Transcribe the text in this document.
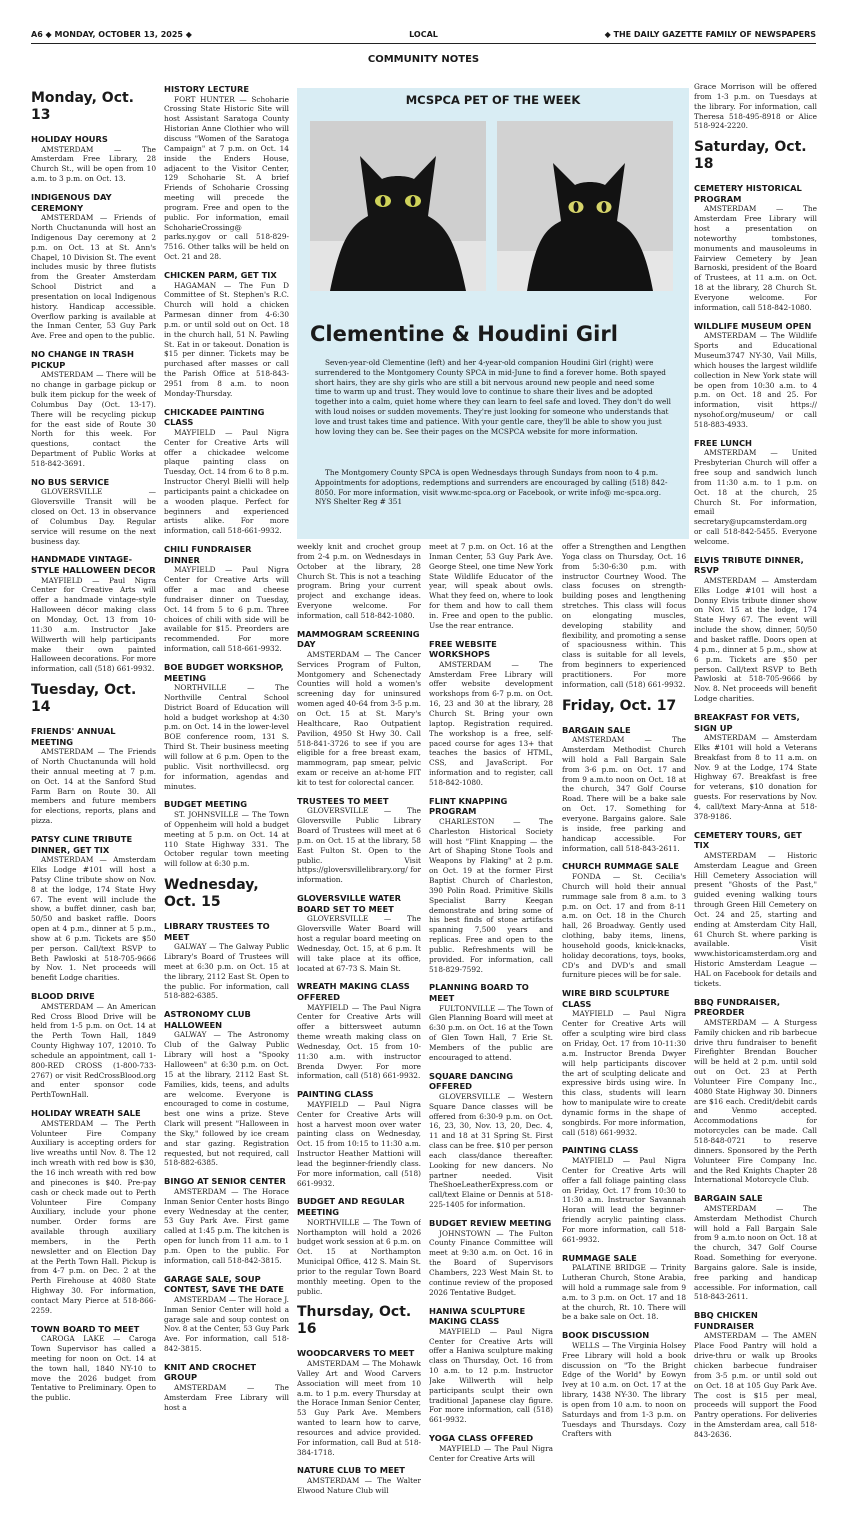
A6 ◆ MONDAY, OCTOBER 13, 2025 ◆	LOCAL	◆ THE DAILY GAZETTE FAMILY OF NEWSPAPERS
COMMUNITY NOTES
Monday, Oct. 13
HOLIDAY HOURS
AMSTERDAM — The Amsterdam Free Library, 28 Church St., will be open from 10 a.m. to 3 p.m. on Oct. 13.
INDIGENOUS DAY CEREMONY
AMSTERDAM — Friends of North Chuctanunda will host an Indigenous Day ceremony at 2 p.m. on Oct. 13 at St. Ann's Chapel, 10 Division St. The event includes music by three flutists from the Greater Amsterdam School District and a presentation on local Indigenous history. Handicap accessible. Overflow parking is available at the Inman Center, 53 Guy Park Ave. Free and open to the public.
NO CHANGE IN TRASH PICKUP
AMSTERDAM — There will be no change in garbage pickup or bulk item pickup for the week of Columbus Day (Oct. 13-17). There will be recycling pickup for the east side of Route 30 North for this week. For questions, contact the Department of Public Works at 518-842-3691.
NO BUS SERVICE
GLOVERSVILLE — Gloversville Transit will be closed on Oct. 13 in observance of Columbus Day. Regular service will resume on the next business day.
HANDMADE VINTAGE-STYLE HALLOWEEN DECOR
MAYFIELD — Paul Nigra Center for Creative Arts will offer a handmade vintage-style Halloween décor making class on Monday, Oct. 13 from 10-11:30 a.m. Instructor Jake Willwerth will help participants make their own painted Halloween decorations. For more information, call (518) 661-9932.
Tuesday, Oct. 14
FRIENDS' ANNUAL MEETING
AMSTERDAM — The Friends of North Chuctanunda will hold their annual meeting at 7 p.m. on Oct. 14 at the Sanford Stud Farm Barn on Route 30. All members and future members for elections, reports, plans and pizza.
PATSY CLINE TRIBUTE DINNER, GET TIX
AMSTERDAM — Amsterdam Elks Lodge #101 will host a Patsy Cline tribute show on Nov. 8 at the lodge, 174 State Hwy 67. The event will include the show, a buffet dinner, cash bar, 50/50 and basket raffle. Doors open at 4 p.m., dinner at 5 p.m., show at 6 p.m. Tickets are $50 per person. Call/text RSVP to Beth Pawloski at 518-705-9666 by Nov. 1. Net proceeds will benefit Lodge charities.
BLOOD DRIVE
AMSTERDAM — An American Red Cross Blood Drive will be held from 1-5 p.m. on Oct. 14 at the Perth Town Hall, 1849 County Highway 107, 12010. To schedule an appointment, call 1-800-RED CROSS (1-800-733-2767) or visit RedCrossBlood.org and enter sponsor code PerthTownHall.
HOLIDAY WREATH SALE
AMSTERDAM — The Perth Volunteer Fire Company Auxiliary is accepting orders for live wreaths until Nov. 8. The 12 inch wreath with red bow is $30, the 16 inch wreath with red bow and pinecones is $40. Pre-pay cash or check made out to Perth Volunteer Fire Company Auxiliary, include your phone number. Order forms are available through auxiliary members, in the Perth newsletter and on Election Day at the Perth Town Hall. Pickup is from 4-7 p.m. on Dec. 2 at the Perth Firehouse at 4080 State Highway 30. For information, contact Mary Pierce at 518-866-2259.
TOWN BOARD TO MEET
CAROGA LAKE — Caroga Town Supervisor has called a meeting for noon on Oct. 14 at the town hall, 1840 NY-10 to move the 2026 budget from Tentative to Preliminary. Open to the public.
HISTORY LECTURE
FORT HUNTER — Schoharie Crossing State Historic Site will host Assistant Saratoga County Historian Anne Clothier who will discuss "Women of the Saratoga Campaign" at 7 p.m. on Oct. 14 inside the Enders House, adjacent to the Visitor Center, 129 Schoharie St. A brief Friends of Schoharie Crossing meeting will precede the program. Free and open to the public. For information, email SchoharieCrossing@ parks.ny.gov or call 518-829-7516. Other talks will be held on Oct. 21 and 28.
CHICKEN PARM, GET TIX
HAGAMAN — The Fun D Committee of St. Stephen's R.C. Church will hold a chicken Parmesan dinner from 4-6:30 p.m. or until sold out on Oct. 18 in the church hall, 51 N. Pawling St. Eat in or takeout. Donation is $15 per dinner. Tickets may be purchased after masses or call the Parish Office at 518-843-2951 from 8 a.m. to noon Monday-Thursday.
CHICKADEE PAINTING CLASS
MAYFIELD — Paul Nigra Center for Creative Arts will offer a chickadee welcome plaque painting class on Tuesday, Oct. 14 from 6 to 8 p.m. Instructor Cheryl Bielli will help participants paint a chickadee on a wooden plaque. Perfect for beginners and experienced artists alike. For more information, call 518-661-9932.
CHILI FUNDRAISER DINNER
MAYFIELD — Paul Nigra Center for Creative Arts will offer a mac and cheese fundraiser dinner on Tuesday, Oct. 14 from 5 to 6 p.m. Three choices of chili with side will be available for $15. Preorders are recommended. For more information, call 518-661-9932.
BOE BUDGET WORKSHOP, MEETING
NORTHVILLE — The Northville Central School District Board of Education will hold a budget workshop at 4:30 p.m. on Oct. 14 in the lower-level BOE conference room, 131 S. Third St. Their business meeting will follow at 6 p.m. Open to the public. Visit northvillecsd. org for information, agendas and minutes.
BUDGET MEETING
ST. JOHNSVILLE — The Town of Oppenheim will hold a budget meeting at 5 p.m. on Oct. 14 at 110 State Highway 331. The October regular town meeting will follow at 6:30 p.m.
Wednesday, Oct. 15
LIBRARY TRUSTEES TO MEET
GALWAY — The Galway Public Library's Board of Trustees will meet at 6:30 p.m. on Oct. 15 at the library, 2112 East St. Open to the public. For information, call 518-882-6385.
ASTRONOMY CLUB HALLOWEEN
GALWAY — The Astronomy Club of the Galway Public Library will host a "Spooky Halloween" at 6:30 p.m. on Oct. 15 at the library, 2112 East St. Families, kids, teens, and adults are welcome. Everyone is encouraged to come in costume, best one wins a prize. Steve Clark will present "Halloween in the Sky," followed by ice cream and star gazing. Registration requested, but not required, call 518-882-6385.
BINGO AT SENIOR CENTER
AMSTERDAM — The Horace Inman Senior Center hosts Bingo every Wednesday at the center, 53 Guy Park Ave. First game called at 1:45 p.m. The kitchen is open for lunch from 11 a.m. to 1 p.m. Open to the public. For information, call 518-842-3815.
GARAGE SALE, SOUP CONTEST, SAVE THE DATE
AMSTERDAM — The Horace J. Inman Senior Center will hold a garage sale and soup contest on Nov. 8 at the Center, 53 Guy Park Ave. For information, call 518-842-3815.
KNIT AND CROCHET GROUP
AMSTERDAM — The Amsterdam Free Library will host a
weekly knit and crochet group from 2-4 p.m. on Wednesdays in October at the library, 28 Church St. This is not a teaching program. Bring your current project and exchange ideas. Everyone welcome. For information, call 518-842-1080.
MAMMOGRAM SCREENING DAY
AMSTERDAM — The Cancer Services Program of Fulton, Montgomery and Schenectady Counties will hold a women's screening day for uninsured women aged 40-64 from 3-5 p.m. on Oct. 15 at St. Mary's Healthcare, Rao Outpatient Pavilion, 4950 St Hwy 30. Call 518-841-3726 to see if you are eligible for a free breast exam, mammogram, pap smear, pelvic exam or receive an at-home FIT kit to test for colorectal cancer.
TRUSTEES TO MEET
GLOVERSVILLE — The Gloversville Public Library Board of Trustees will meet at 6 p.m. on Oct. 15 at the library, 58 East Fulton St. Open to the public. Visit https://gloversvillelibrary.org/ for information.
GLOVERSVILLE WATER BOARD SET TO MEET
GLOVERSVILLE — The Gloversville Water Board will host a regular board meeting on Wednesday, Oct. 15, at 6 p.m. It will take place at its office, located at 67-73 S. Main St.
WREATH MAKING CLASS OFFERED
MAYFIELD — The Paul Nigra Center for Creative Arts will offer a bittersweet autumn theme wreath making class on Wednesday, Oct. 15 from 10-11:30 a.m. with instructor Brenda Dwyer. For more information, call (518) 661-9932.
PAINTING CLASS
MAYFIELD — Paul Nigra Center for Creative Arts will host a harvest moon over water painting class on Wednesday, Oct. 15 from 10:15 to 11:30 a.m. Instructor Heather Mattioni will lead the beginner-friendly class. For more information, call (518) 661-9932.
BUDGET AND REGULAR MEETING
NORTHVILLE — The Town of Northampton will hold a 2026 budget work session at 6 p.m. on Oct. 15 at Northampton Municipal Office, 412 S. Main St. prior to the regular Town Board monthly meeting. Open to the public.
Thursday, Oct. 16
WOODCARVERS TO MEET
AMSTERDAM — The Mohawk Valley Art and Wood Carvers Association will meet from 10 a.m. to 1 p.m. every Thursday at the Horace Inman Senior Center, 53 Guy Park Ave. Members wanted to learn how to carve, resources and advice provided. For information, call Bud at 518-384-1718.
NATURE CLUB TO MEET
AMSTERDAM — The Walter Elwood Nature Club will
meet at 7 p.m. on Oct. 16 at the Inman Center, 53 Guy Park Ave. George Steel, one time New York State Wildlife Educator of the year, will speak about owls. What they feed on, where to look for them and how to call them in. Free and open to the public. Use the rear entrance.
FREE WEBSITE WORKSHOPS
AMSTERDAM — The Amsterdam Free Library will offer website development workshops from 6-7 p.m. on Oct. 16, 23 and 30 at the library, 28 Church St. Bring your own laptop. Registration required. The workshop is a free, self-paced course for ages 13+ that teaches the basics of HTML, CSS, and JavaScript. For information and to register, call 518-842-1080.
FLINT KNAPPING PROGRAM
CHARLESTON — The Charleston Historical Society will host "Flint Knapping — the Art of Shaping Stone Tools and Weapons by Flaking" at 2 p.m. on Oct. 19 at the former First Baptist Church of Charleston, 390 Polin Road. Primitive Skills Specialist Barry Keegan demonstrate and bring some of his best finds of stone artifacts spanning 7,500 years and replicas. Free and open to the public. Refreshments will be provided. For information, call 518-829-7592.
PLANNING BOARD TO MEET
FULTONVILLE — The Town of Glen Planning Board will meet at 6:30 p.m. on Oct. 16 at the Town of Glen Town Hall, 7 Erie St. Members of the public are encouraged to attend.
SQUARE DANCING OFFERED
GLOVERSVILLE — Western Square Dance classes will be offered from 6:30-9 p.m. on Oct. 16, 23, 30, Nov. 13, 20, Dec. 4, 11 and 18 at 31 Spring St. First class can be free. $10 per person each class/dance thereafter. Looking for new dancers. No partner needed. Visit TheShoeLeatherExpress.com or call/text Elaine or Dennis at 518-225-1405 for information.
BUDGET REVIEW MEETING
JOHNSTOWN — The Fulton County Finance Committee will meet at 9:30 a.m. on Oct. 16 in the Board of Supervisors Chambers, 223 West Main St. to continue review of the proposed 2026 Tentative Budget.
HANIWA SCULPTURE MAKING CLASS
MAYFIELD — Paul Nigra Center for Creative Arts will offer a Haniwa sculpture making class on Thursday, Oct. 16 from 10 a.m. to 12 p.m. Instructor Jake Willwerth will help participants sculpt their own traditional Japanese clay figure. For more information, call (518) 661-9932.
YOGA CLASS OFFERED
MAYFIELD — The Paul Nigra Center for Creative Arts will
offer a Strengthen and Lengthen Yoga class on Thursday, Oct. 16 from 5:30-6:30 p.m. with instructor Courtney Wood. The class focuses on strength-building poses and lengthening stretches. This class will focus on elongating muscles, developing stability and flexibility, and promoting a sense of spaciousness within. This class is suitable for all levels, from beginners to experienced practitioners. For more information, call (518) 661-9932.
Friday, Oct. 17
BARGAIN SALE
AMSTERDAM — The Amsterdam Methodist Church will hold a Fall Bargain Sale from 3-6 p.m. on Oct. 17 and from 9 a.m.to noon on Oct. 18 at the church, 347 Golf Course Road. There will be a bake sale on Oct. 17. Something for everyone. Bargains galore. Sale is inside, free parking and handicap accessible. For information, call 518-843-2611.
CHURCH RUMMAGE SALE
FONDA — St. Cecilia's Church will hold their annual rummage sale from 8 a.m. to 3 p.m. on Oct. 17 and from 8-11 a.m. on Oct. 18 in the Church hall, 26 Broadway. Gently used clothing, baby items, linens, household goods, knick-knacks, holiday decorations, toys, books, CD's and DVD's and small furniture pieces will be for sale.
WIRE BIRD SCULPTURE CLASS
MAYFIELD — Paul Nigra Center for Creative Arts will offer a sculpting wire bird class on Friday, Oct. 17 from 10-11:30 a.m. Instructor Brenda Dwyer will help participants discover the art of sculpting delicate and expressive birds using wire. In this class, students will learn how to manipulate wire to create dynamic forms in the shape of songbirds. For more information, call (518) 661-9932.
PAINTING CLASS
MAYFIELD — Paul Nigra Center for Creative Arts will offer a fall foliage painting class on Friday, Oct. 17 from 10:30 to 11:30 a.m. Instructor Savannah Horan will lead the beginner-friendly acrylic painting class. For more information, call 518-661-9932.
RUMMAGE SALE
PALATINE BRIDGE — Trinity Lutheran Church, Stone Arabia, will hold a rummage sale from 9 a.m. to 3 p.m. on Oct. 17 and 18 at the church, Rt. 10. There will be a bake sale on Oct. 18.
BOOK DISCUSSION
WELLS — The Virginia Holsey Free Library will hold a book discussion on "To the Bright Edge of the World" by Eowyn Ivey at 10 a.m. on Oct. 17 at the library, 1438 NY-30. The library is open from 10 a.m. to noon on Saturdays and from 1-3 p.m. on Tuesdays and Thursdays. Cozy Crafters with
Grace Morrison will be offered from 1-3 p.m. on Tuesdays at the library. For information, call Theresa 518-495-8918 or Alice 518-924-2220.
Saturday, Oct. 18
CEMETERY HISTORICAL PROGRAM
AMSTERDAM — The Amsterdam Free Library will host a presentation on noteworthy tombstones, monuments and mausoleums in Fairview Cemetery by Jean Barnoski, president of the Board of Trustees, at 11 a.m. on Oct. 18 at the library, 28 Church St. Everyone welcome. For information, call 518-842-1080.
WILDLIFE MUSEUM OPEN
AMSTERDAM — The Wildlife Sports and Educational Museum3747 NY-30, Vail Mills, which houses the largest wildlife collection in New York state will be open from 10:30 a.m. to 4 p.m. on Oct. 18 and 25. For information, visit https:// nysohof.org/museum/ or call 518-883-4933.
FREE LUNCH
AMSTERDAM — United Presbyterian Church will offer a free soup and sandwich lunch from 11:30 a.m. to 1 p.m. on Oct. 18 at the church, 25 Church St. For information, email secretary@upcamsterdam.org or call 518-842-5455. Everyone welcome.
ELVIS TRIBUTE DINNER, RSVP
AMSTERDAM — Amsterdam Elks Lodge #101 will host a Donny Elvis tribute dinner show on Nov. 15 at the lodge, 174 State Hwy 67. The event will include the show, dinner, 50/50 and basket raffle. Doors open at 4 p.m., dinner at 5 p.m., show at 6 p.m. Tickets are $50 per person. Call/text RSVP to Beth Pawloski at 518-705-9666 by Nov. 8. Net proceeds will benefit Lodge charities.
BREAKFAST FOR VETS, SIGN UP
AMSTERDAM — Amsterdam Elks #101 will hold a Veterans Breakfast from 8 to 11 a.m. on Nov. 9 at the Lodge, 174 State Highway 67. Breakfast is free for veterans, $10 donation for guests. For reservations by Nov. 4, call/text Mary-Anna at 518-378-9186.
CEMETERY TOURS, GET TIX
AMSTERDAM — Historic Amsterdam League and Green Hill Cemetery Association will present "Ghosts of the Past," guided evening walking tours through Green Hill Cemetery on Oct. 24 and 25, starting and ending at Amsterdam City Hall, 61 Church St. where parking is available. Visit www.historicamsterdam.org and Historic Amsterdam League — HAL on Facebook for details and tickets.
BBQ FUNDRAISER, PREORDER
AMSTERDAM — A Sturgess Family chicken and rib barbecue drive thru fundraiser to benefit Firefighter Brendan Boucher will be held at 2 p.m. until sold out on Oct. 23 at Perth Volunteer Fire Company Inc., 4080 State Highway 30. Dinners are $16 each. Credit/debit cards and Venmo accepted. Accommodations for motorcycles can be made. Call 518-848-0721 to reserve dinners. Sponsored by the Perth Volunteer Fire Company Inc. and the Red Knights Chapter 28 International Motorcycle Club.
BARGAIN SALE
AMSTERDAM — The Amsterdam Methodist Church will hold a Fall Bargain Sale from 9 a.m.to noon on Oct. 18 at the church, 347 Golf Course Road. Something for everyone. Bargains galore. Sale is inside, free parking and handicap accessible. For information, call 518-843-2611.
BBQ CHICKEN FUNDRAISER
AMSTERDAM — The AMEN Place Food Pantry will hold a drive-thru or walk up Brooks chicken barbecue fundraiser from 3-5 p.m. or until sold out on Oct. 18 at 105 Guy Park Ave. The cost is $15 per meal, proceeds will support the Food Pantry operations. For deliveries in the Amsterdam area, call 518-843-2636.
MCSPCA PET OF THE WEEK
Clementine & Houdini Girl
Seven-year-old Clementine (left) and her 4-year-old companion Houdini Girl (right) were surrendered to the Montgomery County SPCA in mid-June to find a forever home. Both spayed short hairs, they are shy girls who are still a bit nervous around new people and need some time to warm up and trust. They would love to continue to share their lives and be adopted together into a calm, quiet home where they can learn to feel safe and loved. They don't do well with loud noises or sudden movements. They're just looking for someone who understands that love and trust takes time and patience. With your gentle care, they'll be able to show you just how loving they can be. See their pages on the MCSPCA website for more information.
The Montgomery County SPCA is open Wednesdays through Sundays from noon to 4 p.m. Appointments for adoptions, redemptions and surrenders are encouraged by calling (518) 842-8050. For more information, visit www.mc-spca.org or Facebook, or write info@ mc-spca.org. NYS Shelter Reg # 351
